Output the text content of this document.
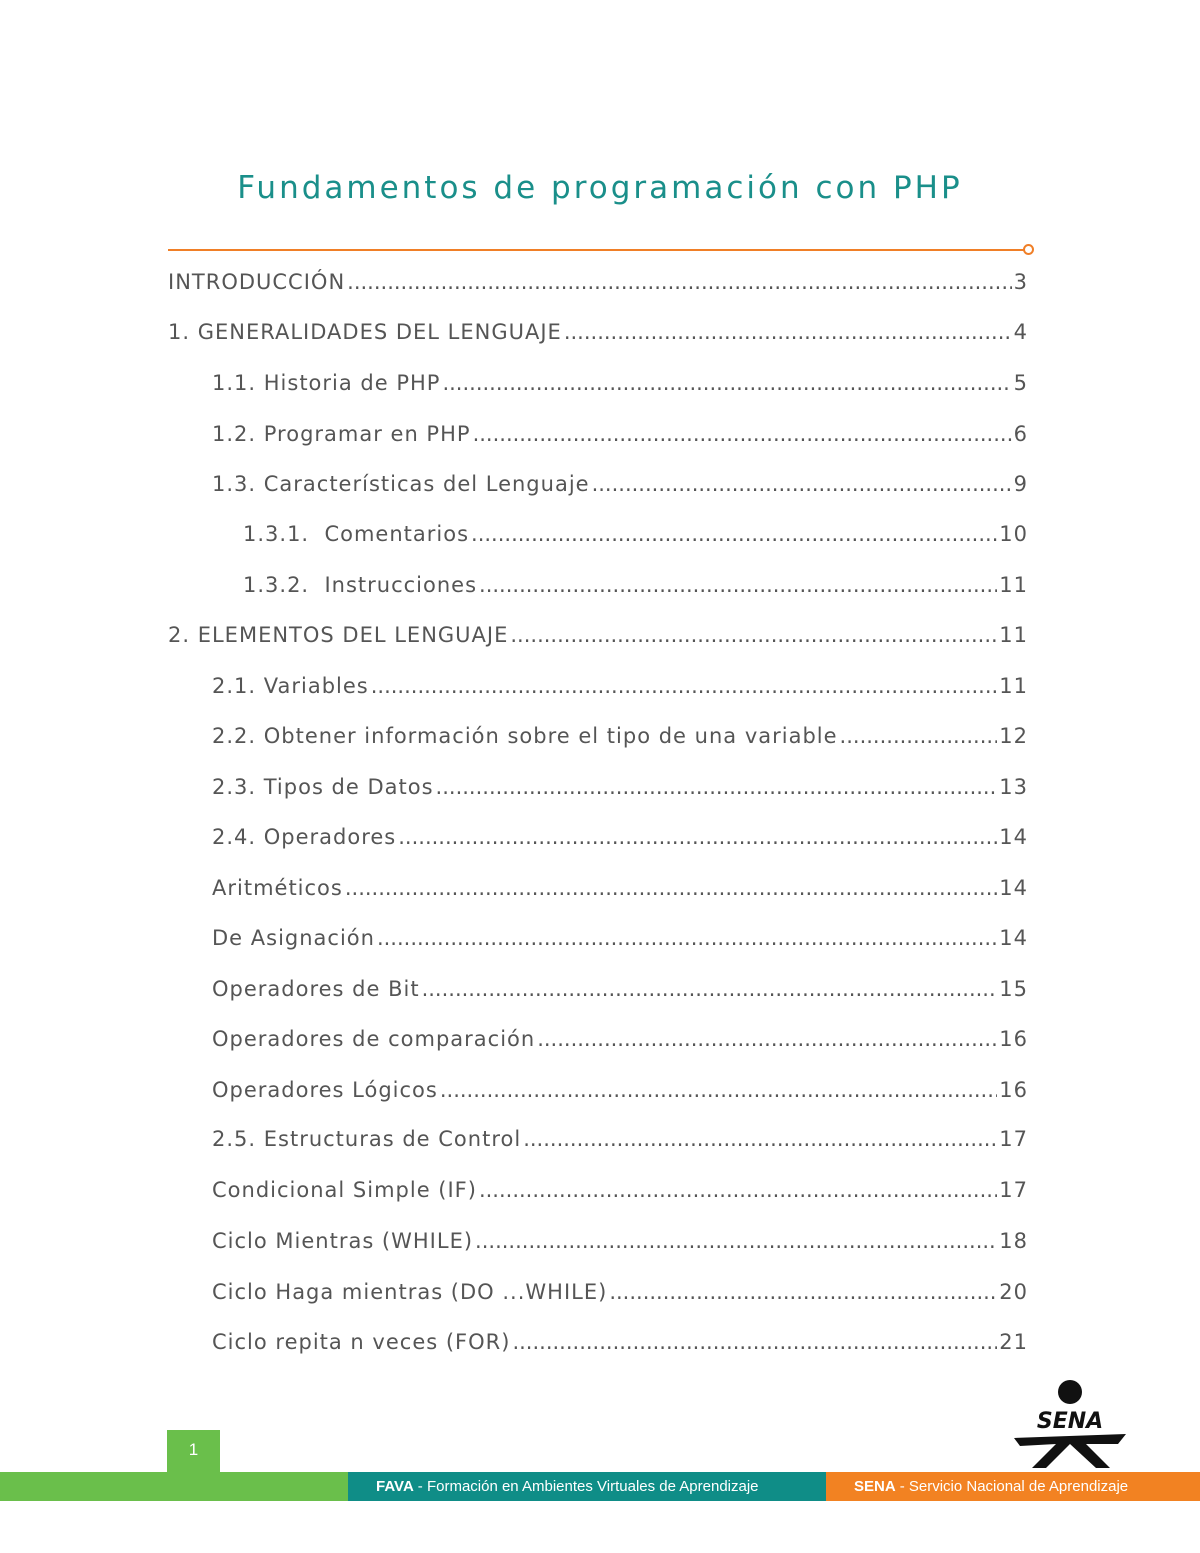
Fundamentos de programación con PHP
INTRODUCCIÓN .....	3
1. GENERALIDADES DEL LENGUAJE .....	4
1.1. Historia de PHP .....	5
1.2. Programar en PHP .....	6
1.3. Características del Lenguaje .....	9
1.3.1.  Comentarios .....	10
1.3.2.  Instrucciones .....	11
2. ELEMENTOS DEL LENGUAJE .....	11
2.1. Variables .....	11
2.2. Obtener información sobre el tipo de una variable .....	12
2.3. Tipos de Datos .....	13
2.4. Operadores .....	14
Aritméticos .....	14
De Asignación .....	14
Operadores de Bit .....	15
Operadores de comparación .....	16
Operadores Lógicos .....	16
2.5. Estructuras de Control .....	17
Condicional Simple (IF) .....	17
Ciclo Mientras (WHILE) .....	18
Ciclo Haga mientras (DO ...WHILE) .....	20
Ciclo repita n veces (FOR) .....	21
SENA
1
FAVA - Formación en Ambientes Virtuales de Aprendizaje	SENA - Servicio Nacional de Aprendizaje
